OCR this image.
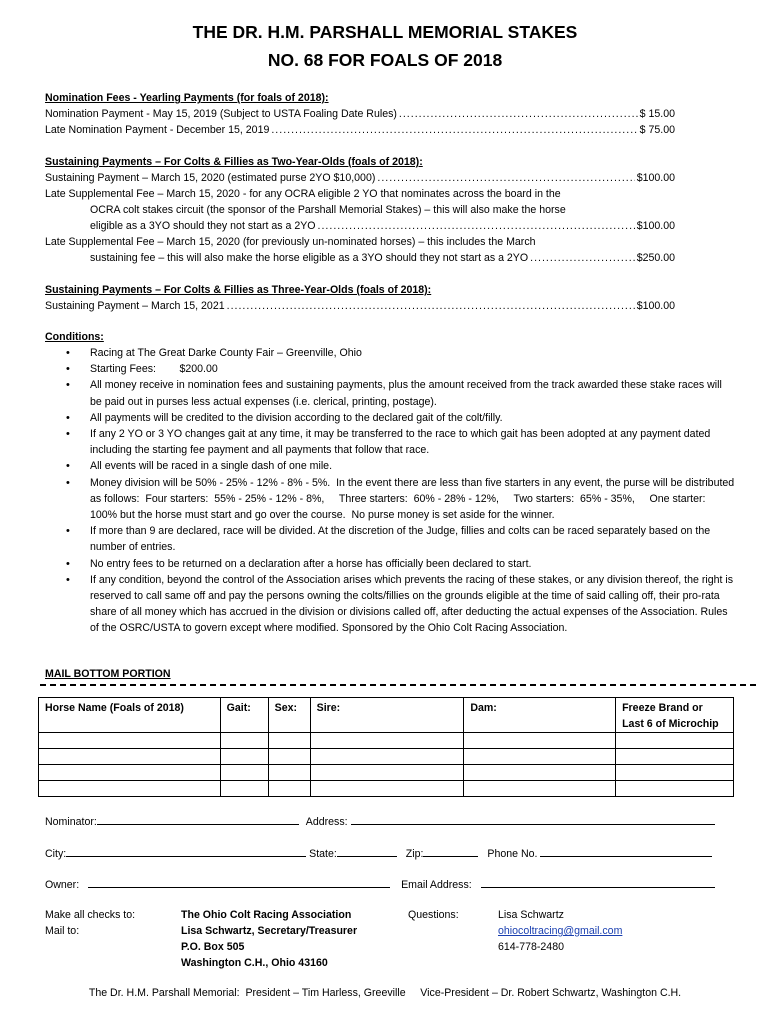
THE DR. H.M. PARSHALL MEMORIAL STAKES
NO. 68 FOR FOALS OF 2018
Nomination Fees - Yearling Payments (for foals of 2018):
Nomination Payment - May 15, 2019 (Subject to USTA Foaling Date Rules) .....	$ 15.00
Late Nomination Payment - December 15, 2019 .....	$ 75.00
Sustaining Payments – For Colts & Fillies as Two-Year-Olds (foals of 2018):
Sustaining Payment – March 15, 2020 (estimated purse 2YO $10,000) .....	$100.00
Late Supplemental Fee – March 15, 2020 - for any OCRA eligible 2 YO that nominates across the board in the
OCRA colt stakes circuit (the sponsor of the Parshall Memorial Stakes) – this will also make the horse
eligible as a 3YO should they not start as a 2YO .....	$100.00
Late Supplemental Fee – March 15, 2020 (for previously un-nominated horses) – this includes the March
sustaining fee – this will also make the horse eligible as a 3YO should they not start as a 2YO .....	$250.00
Sustaining Payments – For Colts & Fillies as Three-Year-Olds (foals of 2018):
Sustaining Payment – March 15, 2021 .....	$100.00
Conditions:
• Racing at The Great Darke County Fair – Greenville, Ohio
• Starting Fees:        $200.00
• All money receive in nomination fees and sustaining payments, plus the amount received from the track awarded these stake races will be paid out in purses less actual expenses (i.e. clerical, printing, postage).
• All payments will be credited to the division according to the declared gait of the colt/filly.
• If any 2 YO or 3 YO changes gait at any time, it may be transferred to the race to which gait has been adopted at any payment dated including the starting fee payment and all payments that follow that race.
• All events will be raced in a single dash of one mile.
• Money division will be 50% - 25% - 12% - 8% - 5%.  In the event there are less than five starters in any event, the purse will be distributed as follows:  Four starters:  55% - 25% - 12% - 8%,     Three starters:  60% - 28% - 12%,     Two starters:  65% - 35%,     One starter:  100% but the horse must start and go over the course.  No purse money is set aside for the winner.
• If more than 9 are declared, race will be divided. At the discretion of the Judge, fillies and colts can be raced separately based on the number of entries.
• No entry fees to be returned on a declaration after a horse has officially been declared to start.
• If any condition, beyond the control of the Association arises which prevents the racing of these stakes, or any division thereof, the right is reserved to call same off and pay the persons owning the colts/fillies on the grounds eligible at the time of said calling off, their pro-rata share of all money which has accrued in the division or divisions called off, after deducting the actual expenses of the Association. Rules of the OSRC/USTA to govern except where modified. Sponsored by the Ohio Colt Racing Association.
MAIL BOTTOM PORTION
Horse Name (Foals of 2018)	Gait:	Sex:	Sire:	Dam:	Freeze Brand or Last 6 of Microchip

Nominator:	Address:
City:	State:	Zip:	Phone No.
Owner:	Email Address:
Make all checks to:
Mail to:
The Ohio Colt Racing Association
Lisa Schwartz, Secretary/Treasurer
P.O. Box 505
Washington C.H., Ohio 43160
Questions:	Lisa Schwartz
ohiocoltracing@gmail.com
614-778-2480
The Dr. H.M. Parshall Memorial:  President – Tim Harless, Greeville     Vice-President – Dr. Robert Schwartz, Washington C.H.
